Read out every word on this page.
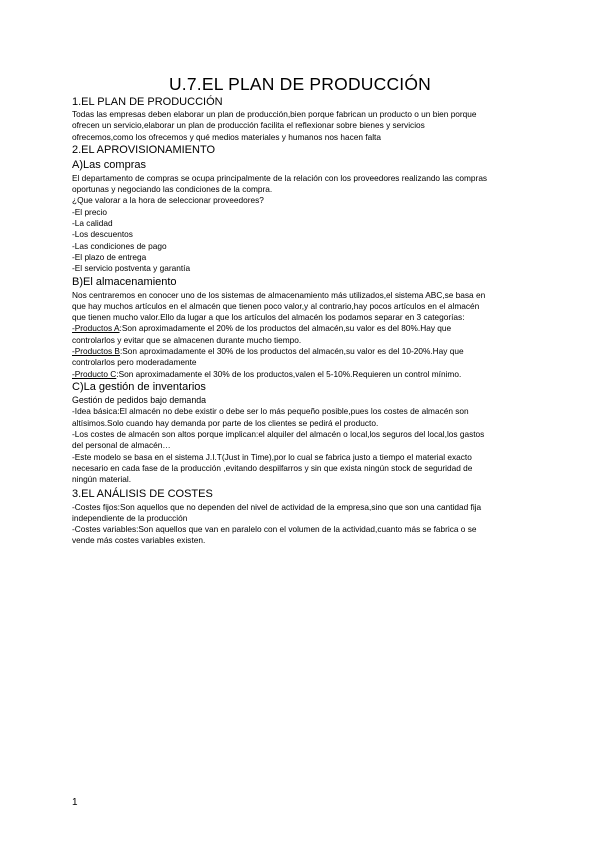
U.7.EL PLAN DE PRODUCCIÓN

1.EL PLAN DE PRODUCCIÓN

Todas las empresas deben elaborar un plan de producción,bien porque fabrican un producto o un bien porque

ofrecen un servicio,elaborar un plan de producción facilita el reflexionar sobre bienes y servicios

ofrecemos,como los ofrecemos y qué medios materiales y humanos nos hacen falta

2.EL APROVISIONAMIENTO

A)Las compras

El departamento de compras se ocupa principalmente de la relación con los proveedores realizando las compras

oportunas y negociando las condiciones de la compra.

¿Que valorar a la hora de seleccionar proveedores?

-El precio

-La calidad

-Los descuentos

-Las condiciones de pago

-El plazo de entrega

-El servicio postventa y garantía

B)El almacenamiento

Nos centraremos en conocer uno de los sistemas de almacenamiento más utilizados,el sistema ABC,se basa en

que hay muchos artículos en el almacén que tienen poco valor,y al contrario,hay pocos artículos en el almacén

que tienen mucho valor.Ello da lugar a que los artículos del almacén los podamos separar en 3 categorías:

-Productos A:Son aproximadamente el 20% de los productos del almacén,su valor es del 80%.Hay que

controlarlos y evitar que se almacenen durante mucho tiempo.

-Productos B:Son aproximadamente el 30% de los productos del almacén,su valor es del 10-20%.Hay que

controlarlos pero moderadamente

-Producto C:Son aproximadamente el 30% de los productos,valen el 5-10%.Requieren un control mínimo.

C)La gestión de inventarios

Gestión de pedidos bajo demanda

-Idea básica:El almacén no debe existir o debe ser lo más pequeño posible,pues los costes de almacén son

altísimos.Solo cuando hay demanda por parte de los clientes se pedirá el producto.

-Los costes de almacén son altos porque implican:el alquiler del almacén o local,los seguros del local,los gastos

del personal de almacén…

-Este modelo se basa en el sistema J.I.T(Just in Time),por lo cual se fabrica justo a tiempo el material exacto

necesario en cada fase de la producción ,evitando despilfarros y sin que exista ningún stock de seguridad de

ningún material.

3.EL ANÁLISIS DE COSTES

-Costes fijos:Son aquellos que no dependen del nivel de actividad de la empresa,sino que son una cantidad fija

independiente de la producción

-Costes variables:Son aquellos que van en paralelo con el volumen de la actividad,cuanto más se fabrica o se

vende más costes variables existen.

1
